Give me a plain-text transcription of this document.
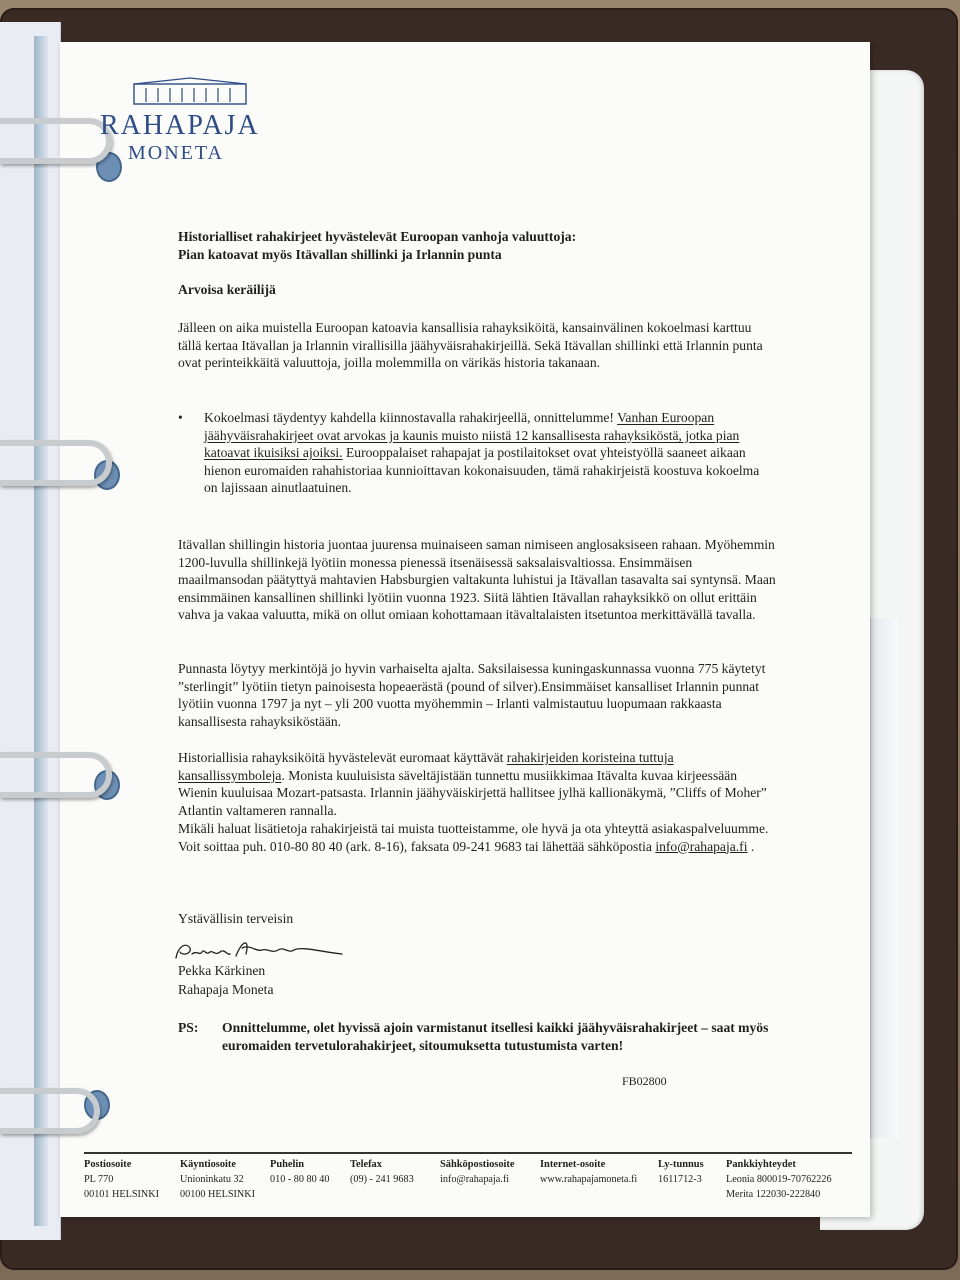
RAHAPAJA
MONETA
Historialliset rahakirjeet hyvästelevät Euroopan vanhoja valuuttoja:
Pian katoavat myös Itävallan shillinki ja Irlannin punta
Arvoisa keräilijä
Jälleen on aika muistella Euroopan katoavia kansallisia rahayksiköitä, kansainvälinen kokoelmasi karttuu tällä kertaa Itävallan ja Irlannin virallisilla jäähyväisrahakirjeillä. Sekä Itävallan shillinki että Irlannin punta ovat perinteikkäitä valuuttoja, joilla molemmilla on värikäs historia takanaan.
• Kokoelmasi täydentyy kahdella kiinnostavalla rahakirjeellä, onnittelumme! Vanhan Euroopan jäähyväisrahakirjeet ovat arvokas ja kaunis muisto niistä 12 kansallisesta rahayksiköstä, jotka pian katoavat ikuisiksi ajoiksi. Eurooppalaiset rahapajat ja postilaitokset ovat yhteistyöllä saaneet aikaan hienon euromaiden rahahistoriaa kunnioittavan kokonaisuuden, tämä rahakirjeistä koostuva kokoelma on lajissaan ainutlaatuinen.
Itävallan shillingin historia juontaa juurensa muinaiseen saman nimiseen anglosaksiseen rahaan. Myöhemmin 1200-luvulla shillinkejä lyötiin monessa pienessä itsenäisessä saksalaisvaltiossa. Ensimmäisen maailmansodan päätyttyä mahtavien Habsburgien valtakunta luhistui ja Itävallan tasavalta sai syntynsä. Maan ensimmäinen kansallinen shillinki lyötiin vuonna 1923. Siitä lähtien Itävallan rahayksikkö on ollut erittäin vahva ja vakaa valuutta, mikä on ollut omiaan kohottamaan itävaltalaisten itsetuntoa merkittävällä tavalla.
Punnasta löytyy merkintöjä jo hyvin varhaiselta ajalta. Saksilaisessa kuningaskunnassa vuonna 775 käytetyt ”sterlingit” lyötiin tietyn painoisesta hopeaerästä (pound of silver).Ensimmäiset kansalliset Irlannin punnat lyötiin vuonna 1797 ja nyt – yli 200 vuotta myöhemmin – Irlanti valmistautuu luopumaan rakkaasta kansallisesta rahayksiköstään.
Historiallisia rahayksiköitä hyvästelevät euromaat käyttävät rahakirjeiden koristeina tuttuja kansallissymboleja. Monista kuuluisista säveltäjistään tunnettu musiikkimaa Itävalta kuvaa kirjeessään Wienin kuuluisaa Mozart-patsasta. Irlannin jäähyväiskirjettä hallitsee jylhä kallionäkymä, ”Cliffs of Moher” Atlantin valtameren rannalla.
Mikäli haluat lisätietoja rahakirjeistä tai muista tuotteistamme, ole hyvä ja ota yhteyttä asiakaspalveluumme. Voit soittaa puh. 010-80 80 40 (ark. 8-16), faksata 09-241 9683 tai lähettää sähköpostia info@rahapaja.fi .
Ystävällisin terveisin
Pekka Kärkinen
Rahapaja Moneta
PS:	Onnittelumme, olet hyvissä ajoin varmistanut itsellesi kaikki jäähyväisrahakirjeet – saat myös euromaiden tervetulorahakirjeet, sitoumuksetta tutustumista varten!
FB02800
Postiosoite
PL 770
00101 HELSINKI
Käyntiosoite
Unioninkatu 32
00100 HELSINKI
Puhelin
010 - 80 80 40
Telefax
(09) - 241 9683
Sähköpostiosoite
info@rahapaja.fi
Internet-osoite
www.rahapajamoneta.fi
Ly-tunnus
1611712-3
Pankkiyhteydet
Leonia 800019-70762226
Merita 122030-222840
